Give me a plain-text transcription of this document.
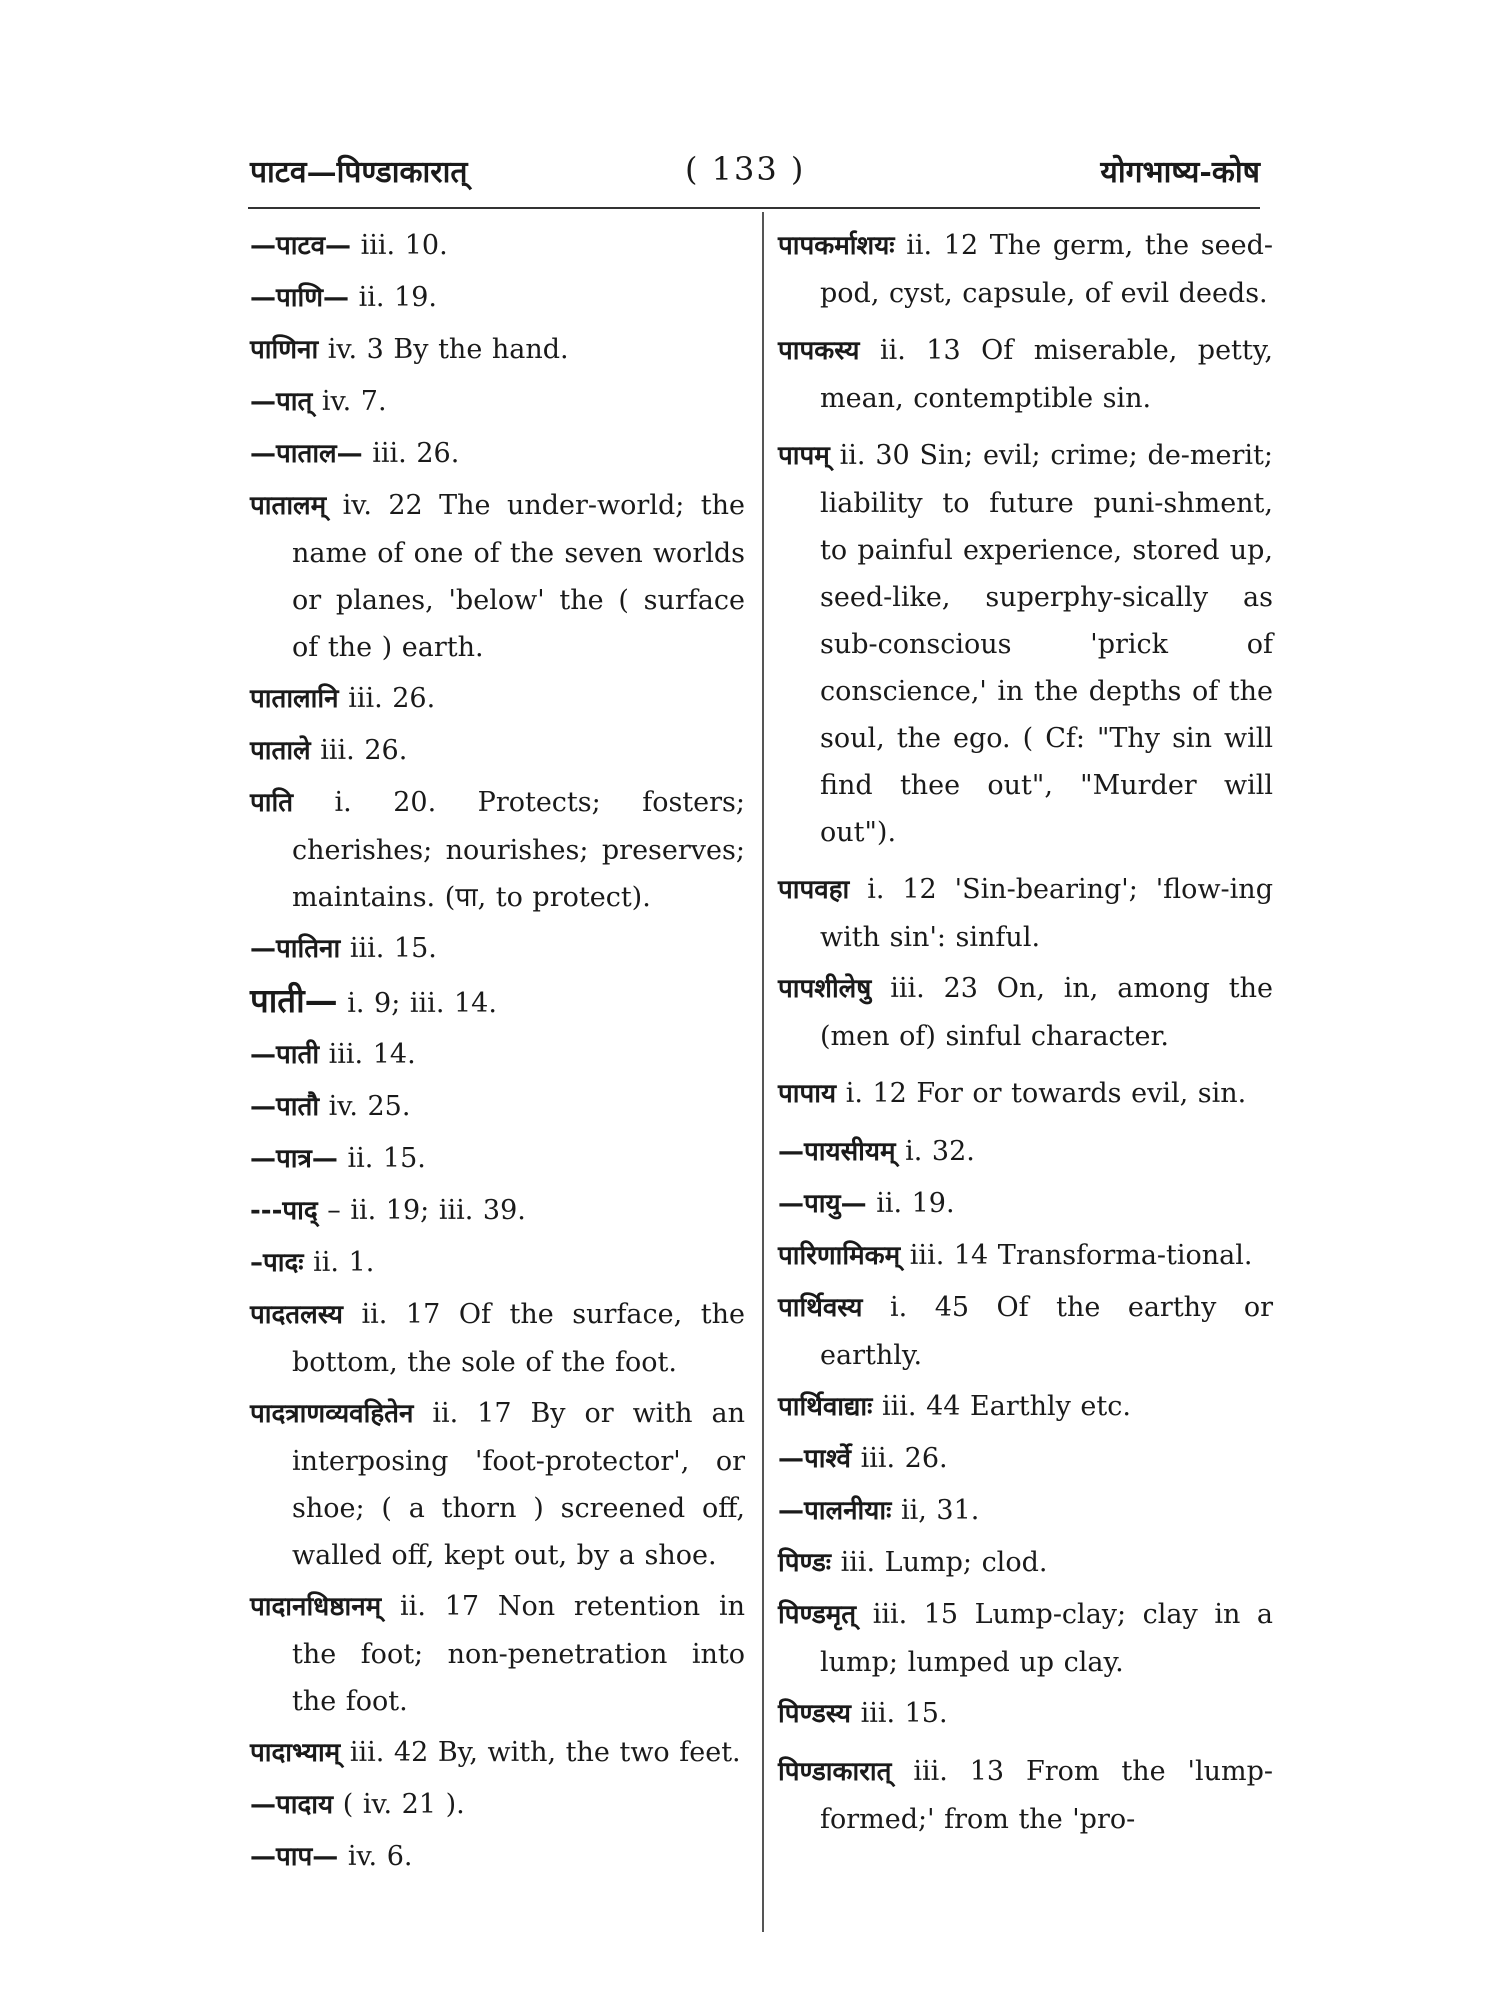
पाटव—पिण्डाकारात्	( 133 )	योगभाष्य-कोष

—पाटव— iii. 10.

—पाणि— ii. 19.

पाणिना iv. 3 By the hand.

—पात् iv. 7.

—पाताल— iii. 26.

पातालम् iv. 22 The under-world; the name of one of the seven worlds or planes, 'below' the ( surface of the ) earth.

पातालानि iii. 26.

पाताले iii. 26.

पाति i. 20. Protects; fosters; cherishes; nourishes; preserves; maintains. (पा, to protect).

—पातिना iii. 15.

पाती— i. 9; iii. 14.

—पाती iii. 14.

—पातौ iv. 25.

—पात्र— ii. 15.

---पाद् – ii. 19; iii. 39.

–पादः ii. 1.

पादतलस्य ii. 17 Of the surface, the bottom, the sole of the foot.

पादत्राणव्यवहितेन ii. 17 By or with an interposing 'foot-protector', or shoe; ( a thorn ) screened off, walled off, kept out, by a shoe.

पादानधिष्ठानम् ii. 17 Non retention in the foot; non-penetration into the foot.

पादाभ्याम् iii. 42 By, with, the two feet.

—पादाय ( iv. 21 ).

—पाप— iv. 6.

पापकर्माशयः ii. 12 The germ, the seed-pod, cyst, capsule, of evil deeds.

पापकस्य ii. 13 Of miserable, petty, mean, contemptible sin.

पापम् ii. 30 Sin; evil; crime; de-merit; liability to future puni-shment, to painful experience, stored up, seed-like, superphy-sically as sub-conscious 'prick of conscience,' in the depths of the soul, the ego. ( Cf: "Thy sin will find thee out", "Murder will out").

पापवहा i. 12 'Sin-bearing'; 'flow-ing with sin': sinful.

पापशीलेषु iii. 23 On, in, among the (men of) sinful character.

पापाय i. 12 For or towards evil, sin.

—पायसीयम् i. 32.

—पायु— ii. 19.

पारिणामिकम् iii. 14 Transforma-tional.

पार्थिवस्य i. 45 Of the earthy or earthly.

पार्थिवाद्याः iii. 44 Earthly etc.

—पार्श्वे iii. 26.

—पालनीयाः ii, 31.

पिण्डः iii. Lump; clod.

पिण्डमृत् iii. 15 Lump-clay; clay in a lump; lumped up clay.

पिण्डस्य iii. 15.

पिण्डाकारात् iii. 13 From the 'lump-formed;' from the 'pro-
